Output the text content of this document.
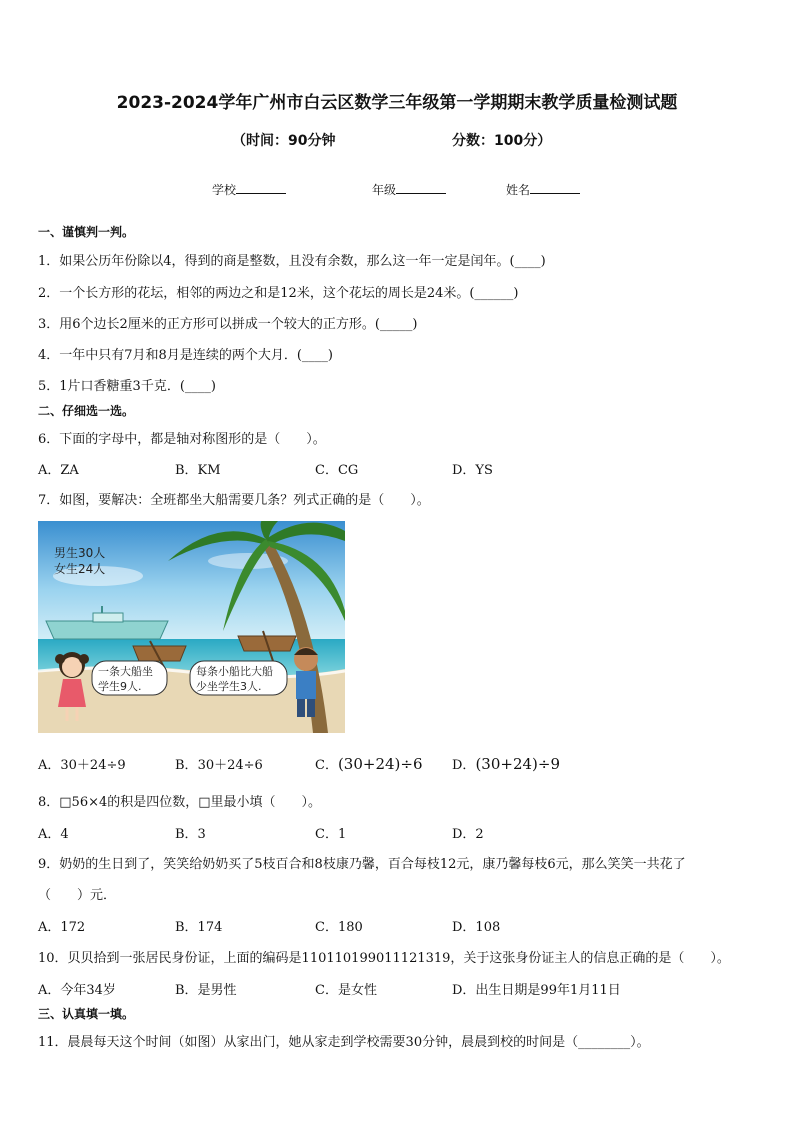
2023-2024学年广州市白云区数学三年级第一学期期末教学质量检测试题
（时间：90分钟	分数：100分）
学校	年级	姓名
一、谨慎判一判。
1．如果公历年份除以4，得到的商是整数，且没有余数，那么这一年一定是闰年。(____)
2．一个长方形的花坛，相邻的两边之和是12米，这个花坛的周长是24米。(______)
3．用6个边长2厘米的正方形可以拼成一个较大的正方形。(_____)
4．一年中只有7月和8月是连续的两个大月．(____)
5．1片口香糖重3千克．(____)
二、仔细选一选。
6．下面的字母中，都是轴对称图形的是（　　）。
A．ZA	B．KM	C．CG	D．YS
7．如图，要解决：全班都坐大船需要几条？列式正确的是（　　）。
男生30人
女生24人
一条大船坐
学生9人.
每条小船比大船
少坐学生3人.
A．30＋24÷9	B．30＋24÷6	C．(30+24)÷6 D．(30+24)÷9
8．□56×4的积是四位数，□里最小填（　　）。
A．4	B．3	C．1	D．2
9．奶奶的生日到了，笑笑给奶奶买了5枝百合和8枝康乃馨，百合每枝12元，康乃馨每枝6元，那么笑笑一共花了
（　　）元．
A．172	B．174	C．180	D．108
10．贝贝拾到一张居民身份证，上面的编码是110110199011121319，关于这张身份证主人的信息正确的是（　　）。
A．今年34岁	B．是男性	C．是女性	D．出生日期是99年1月11日
三、认真填一填。
11．晨晨每天这个时间（如图）从家出门，她从家走到学校需要30分钟，晨晨到校的时间是（________）。
